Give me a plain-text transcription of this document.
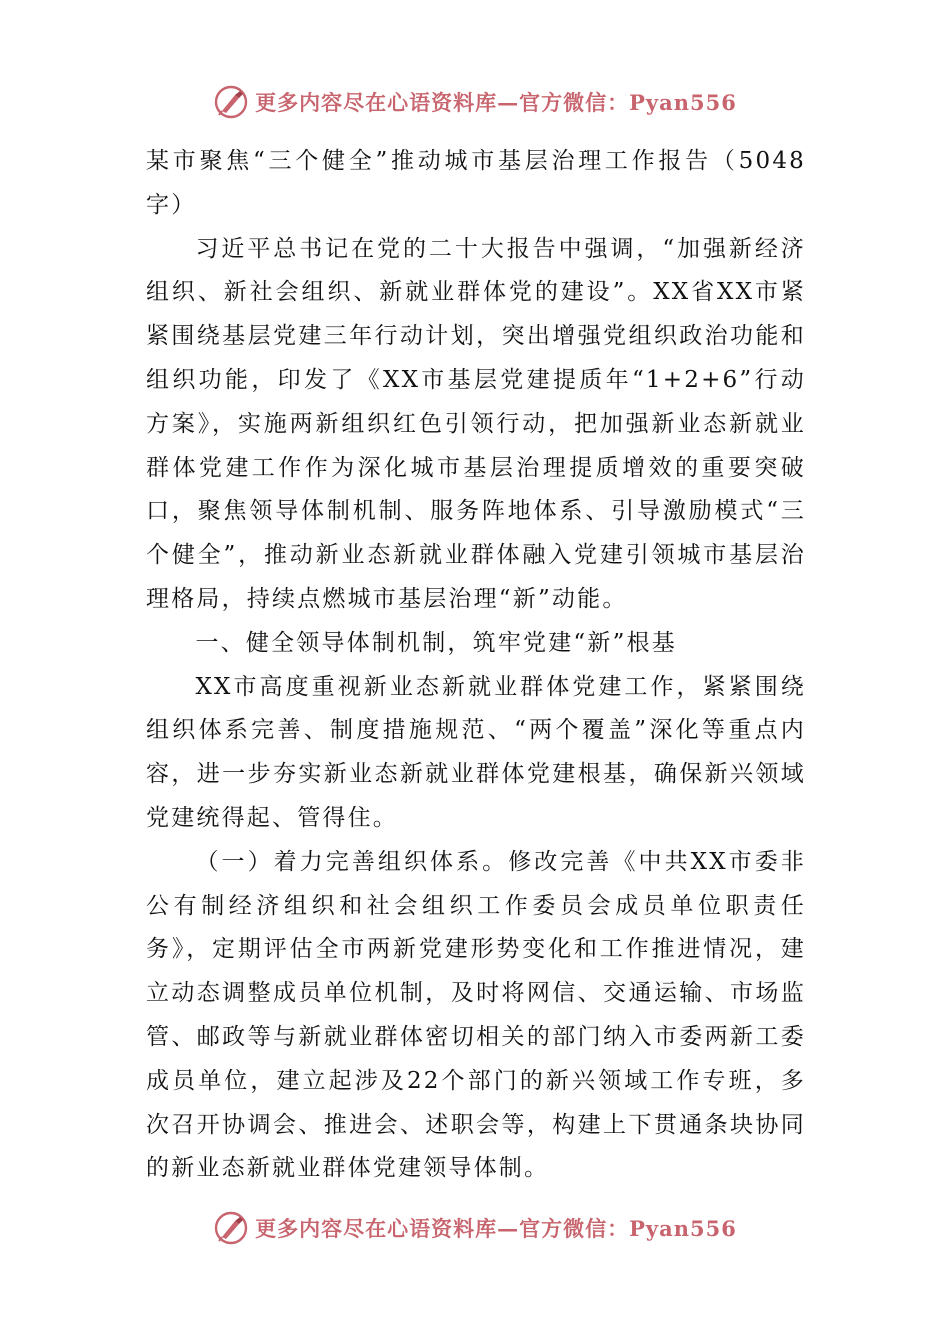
更多内容尽在心语资料库—官方微信：Pyan556

某市聚焦“三个健全”推动城市基层治理工作报告（5048字）

习近平总书记在党的二十大报告中强调，“加强新经济组织、新社会组织、新就业群体党的建设”。XX省XX市紧紧围绕基层党建三年行动计划，突出增强党组织政治功能和组织功能，印发了《XX市基层党建提质年“1+2+6”行动方案》，实施两新组织红色引领行动，把加强新业态新就业群体党建工作作为深化城市基层治理提质增效的重要突破口，聚焦领导体制机制、服务阵地体系、引导激励模式“三个健全”，推动新业态新就业群体融入党建引领城市基层治理格局，持续点燃城市基层治理“新”动能。

一、健全领导体制机制，筑牢党建“新”根基

XX市高度重视新业态新就业群体党建工作，紧紧围绕组织体系完善、制度措施规范、“两个覆盖”深化等重点内容，进一步夯实新业态新就业群体党建根基，确保新兴领域党建统得起、管得住。

（一）着力完善组织体系。修改完善《中共XX市委非公有制经济组织和社会组织工作委员会成员单位职责任务》，定期评估全市两新党建形势变化和工作推进情况，建立动态调整成员单位机制，及时将网信、交通运输、市场监管、邮政等与新就业群体密切相关的部门纳入市委两新工委成员单位，建立起涉及22个部门的新兴领域工作专班，多次召开协调会、推进会、述职会等，构建上下贯通条块协同的新业态新就业群体党建领导体制。

更多内容尽在心语资料库—官方微信：Pyan556
